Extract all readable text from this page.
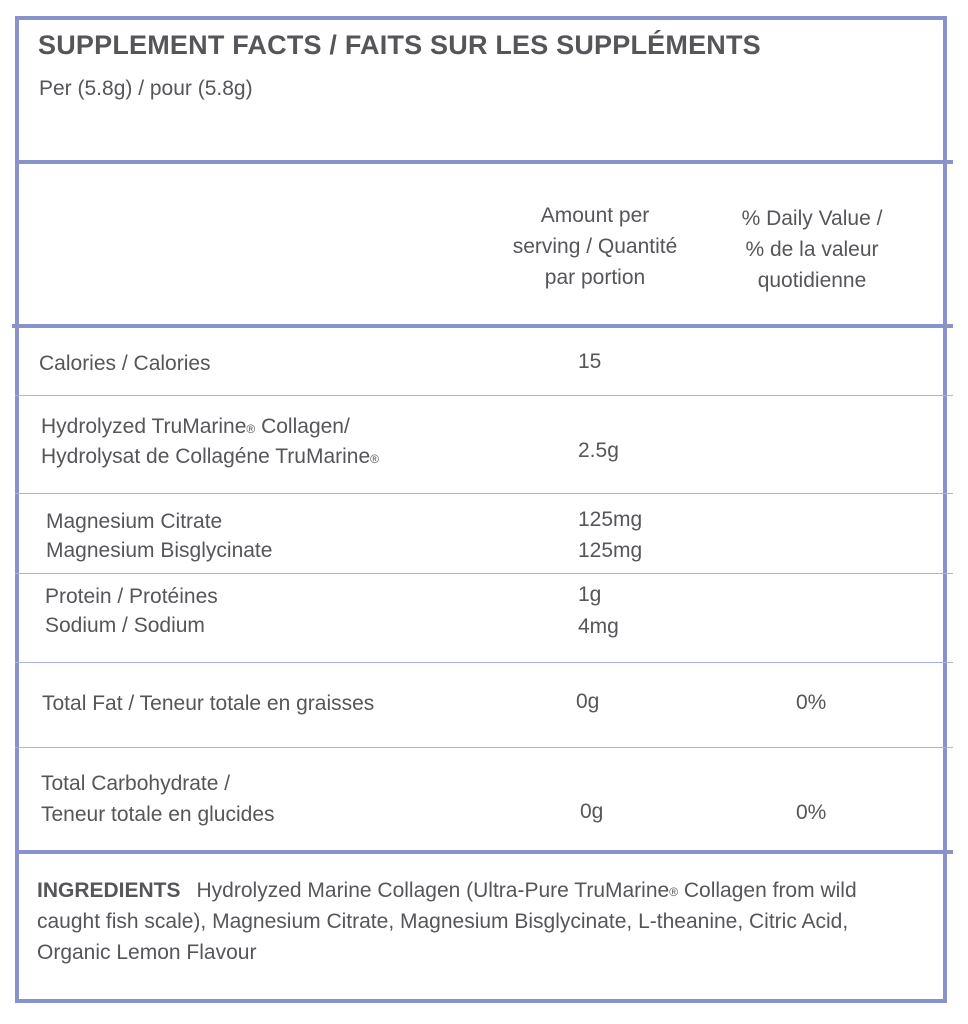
SUPPLEMENT FACTS / FAITS SUR LES SUPPLÉMENTS
Per (5.8g) / pour (5.8g)
Amount per
serving / Quantité
par portion
% Daily Value /
% de la valeur
quotidienne
Calories / Calories	15
Hydrolyzed TruMarine® Collagen/
Hydrolysat de Collagéne TruMarine®	2.5g
Magnesium Citrate	125mg
Magnesium Bisglycinate	125mg
Protein / Protéines	1g
Sodium / Sodium	4mg
Total Fat / Teneur totale en graisses	0g	0%
Total Carbohydrate /
Teneur totale en glucides	0g	0%
INGREDIENTS Hydrolyzed Marine Collagen (Ultra-Pure TruMarine® Collagen from wild caught fish scale), Magnesium Citrate, Magnesium Bisglycinate, L-theanine, Citric Acid, Organic Lemon Flavour
